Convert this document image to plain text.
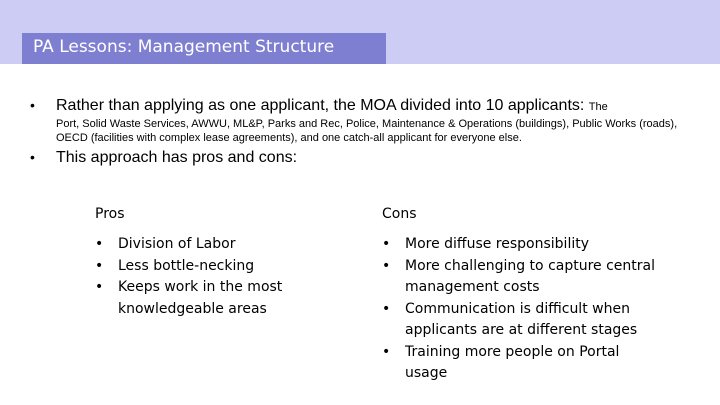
PA Lessons: Management Structure
• Rather than applying as one applicant, the MOA divided into 10 applicants: The
Port, Solid Waste Services, AWWU, ML&P, Parks and Rec, Police, Maintenance & Operations (buildings), Public Works (roads), OECD (facilities with complex lease agreements), and one catch-all applicant for everyone else.
• This approach has pros and cons:
Pros
• Division of Labor
• Less bottle-necking
• Keeps work in the most knowledgeable areas
Cons
• More diffuse responsibility
• More challenging to capture central management costs
• Communication is difficult when applicants are at different stages
• Training more people on Portal usage
